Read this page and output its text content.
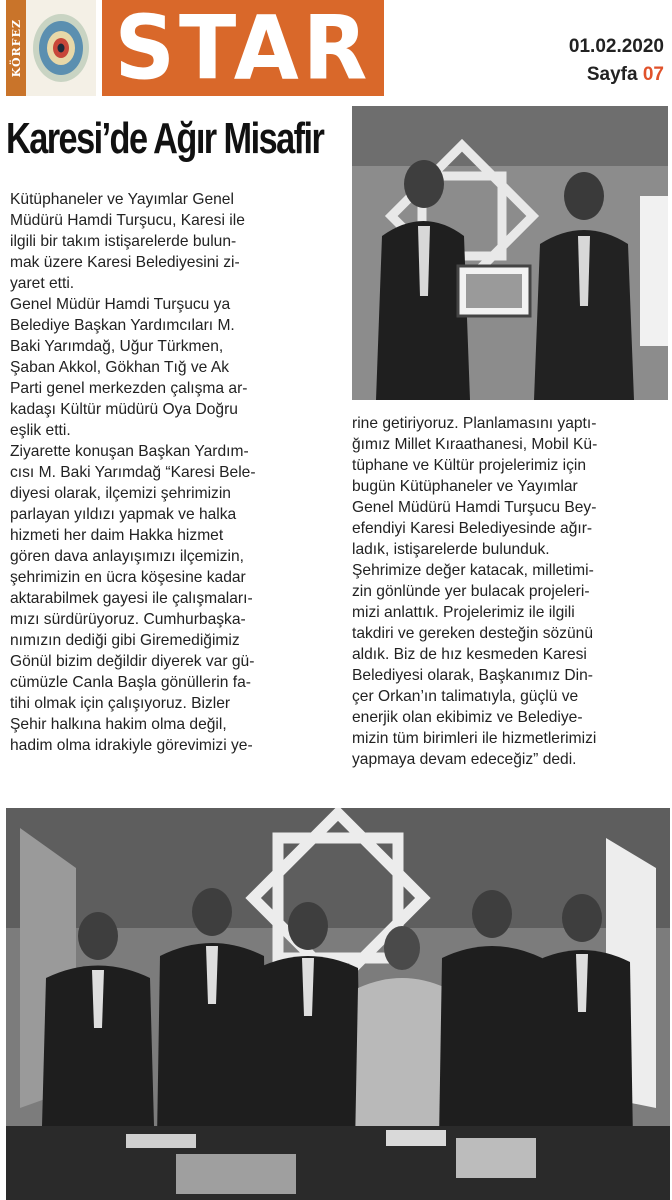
KÖRFEZ STAR	01.02.2020
Sayfa 07
Karesi’de Ağır Misafir

Kütüphaneler ve Yayımlar Genel

Müdürü Hamdi Turşucu, Karesi ile

ilgili bir takım istişarelerde bulun-

mak üzere Karesi Belediyesini zi-

yaret etti.

Genel Müdür Hamdi Turşucu ya

Belediye Başkan Yardımcıları M.

Baki Yarımdağ, Uğur Türkmen,

Şaban Akkol, Gökhan Tığ ve Ak

Parti genel merkezden çalışma ar-

kadaşı Kültür müdürü Oya Doğru

eşlik etti.

Ziyarette konuşan Başkan Yardım-

cısı M. Baki Yarımdağ “Karesi Bele-

diyesi olarak, ilçemizi şehrimizin

parlayan yıldızı yapmak ve halka

hizmeti her daim Hakka hizmet

gören dava anlayışımızı ilçemizin,

şehrimizin en ücra köşesine kadar

aktarabilmek gayesi ile çalışmaları-

mızı sürdürüyoruz. Cumhurbaşka-

nımızın dediği gibi Giremediğimiz

Gönül bizim değildir diyerek var gü-

cümüzle Canla Başla gönüllerin fa-

tihi olmak için çalışıyoruz. Bizler

Şehir halkına hakim olma değil,

hadim olma idrakiyle görevimizi ye-

rine getiriyoruz. Planlamasını yaptı-

ğımız Millet Kıraathanesi, Mobil Kü-

tüphane ve Kültür projelerimiz için

bugün Kütüphaneler ve Yayımlar

Genel Müdürü Hamdi Turşucu Bey-

efendiyi Karesi Belediyesinde ağır-

ladık, istişarelerde bulunduk.

Şehrimize değer katacak, milletimi-

zin gönlünde yer bulacak projeleri-

mizi anlattık. Projelerimiz ile ilgili

takdiri ve gereken desteğin sözünü

aldık. Biz de hız kesmeden Karesi

Belediyesi olarak, Başkanımız Din-

çer Orkan’ın talimatıyla, güçlü ve

enerjik olan ekibimiz ve Belediye-

mizin tüm birimleri ile hizmetlerimizi

yapmaya devam edeceğiz” dedi.
